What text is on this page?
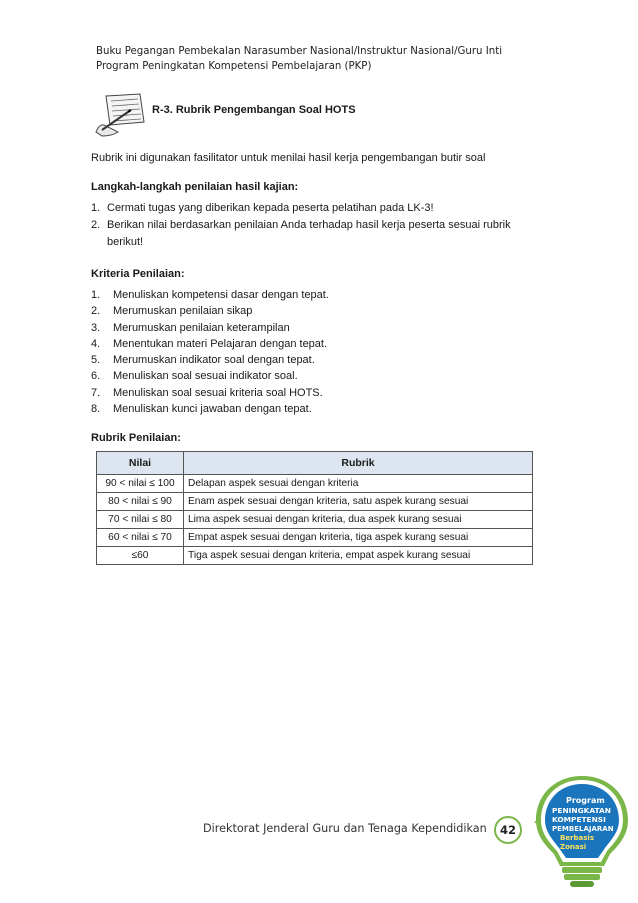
Buku Pegangan Pembekalan Narasumber Nasional/Instruktur Nasional/Guru Inti
Program Peningkatan Kompetensi Pembelajaran (PKP)
R-3. Rubrik Pengembangan Soal HOTS
Rubrik ini digunakan fasilitator untuk menilai hasil kerja pengembangan butir soal
Langkah-langkah penilaian hasil kajian:
1. Cermati tugas yang diberikan kepada peserta pelatihan pada LK-3!
2. Berikan nilai berdasarkan penilaian Anda terhadap hasil kerja peserta sesuai rubrik berikut!
Kriteria Penilaian:
1. Menuliskan kompetensi dasar dengan tepat.
2. Merumuskan penilaian sikap
3. Merumuskan penilaian keterampilan
4. Menentukan materi Pelajaran dengan tepat.
5. Merumuskan indikator soal dengan tepat.
6. Menuliskan soal sesuai indikator soal.
7. Menuliskan soal sesuai kriteria soal HOTS.
8. Menuliskan kunci jawaban dengan tepat.
Rubrik Penilaian:
Nilai	Rubrik
90 < nilai ≤ 100	Delapan aspek sesuai dengan kriteria
80 < nilai ≤ 90	Enam aspek sesuai dengan kriteria, satu aspek kurang sesuai
70 < nilai ≤ 80	Lima aspek sesuai dengan kriteria, dua aspek kurang sesuai
60 < nilai ≤ 70	Empat aspek sesuai dengan kriteria, tiga aspek kurang sesuai
≤60	Tiga aspek sesuai dengan kriteria, empat aspek kurang sesuai
Direktorat Jenderal Guru dan Tenaga Kependidikan	42
Program
PENINGKATAN
KOMPETENSI
PEMBELAJARAN
Berbasis
Zonasi
